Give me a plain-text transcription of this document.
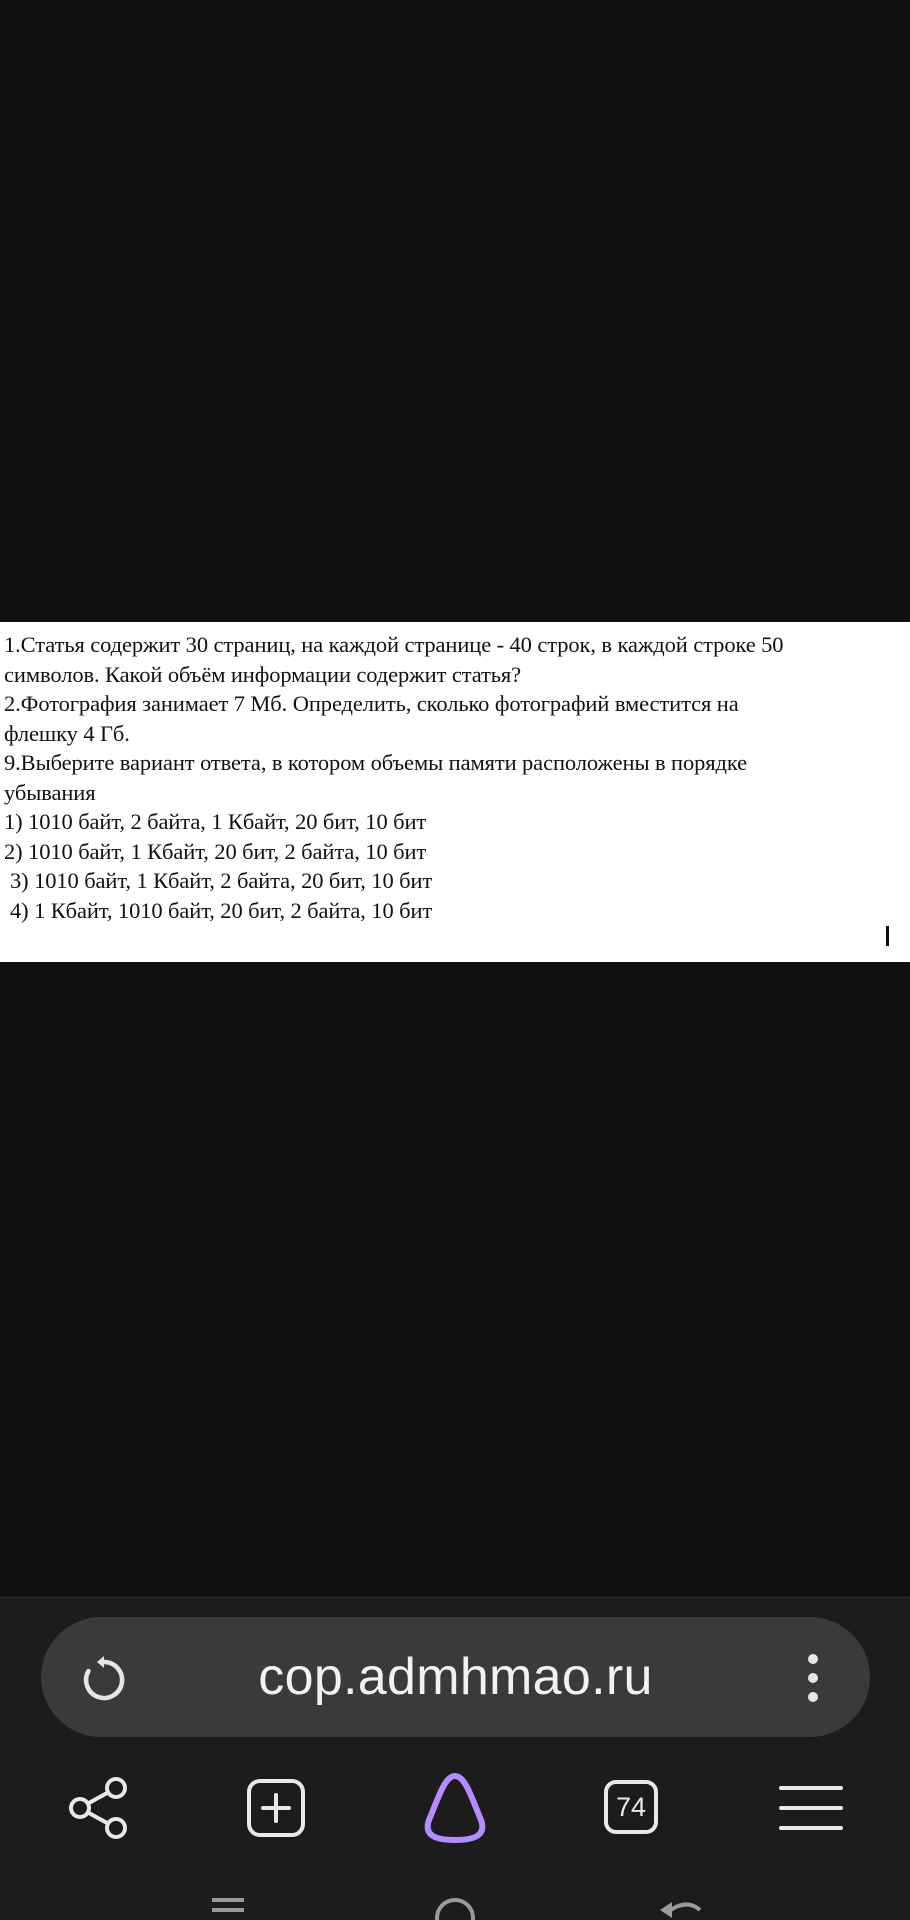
1.Статья содержит 30 страниц, на каждой странице - 40 строк, в каждой строке 50
символов. Какой объём информации содержит статья?
2.Фотография занимает 7 Мб. Определить, сколько фотографий вместится на
флешку 4 Гб.
9.Выберите вариант ответа, в котором объемы памяти расположены в порядке
убывания
1) 1010 байт, 2 байта, 1 Кбайт, 20 бит, 10 бит
2) 1010 байт, 1 Кбайт, 20 бит, 2 байта, 10 бит
3) 1010 байт, 1 Кбайт, 2 байта, 20 бит, 10 бит
4) 1 Кбайт, 1010 байт, 20 бит, 2 байта, 10 бит
cop.admhmao.ru
74
